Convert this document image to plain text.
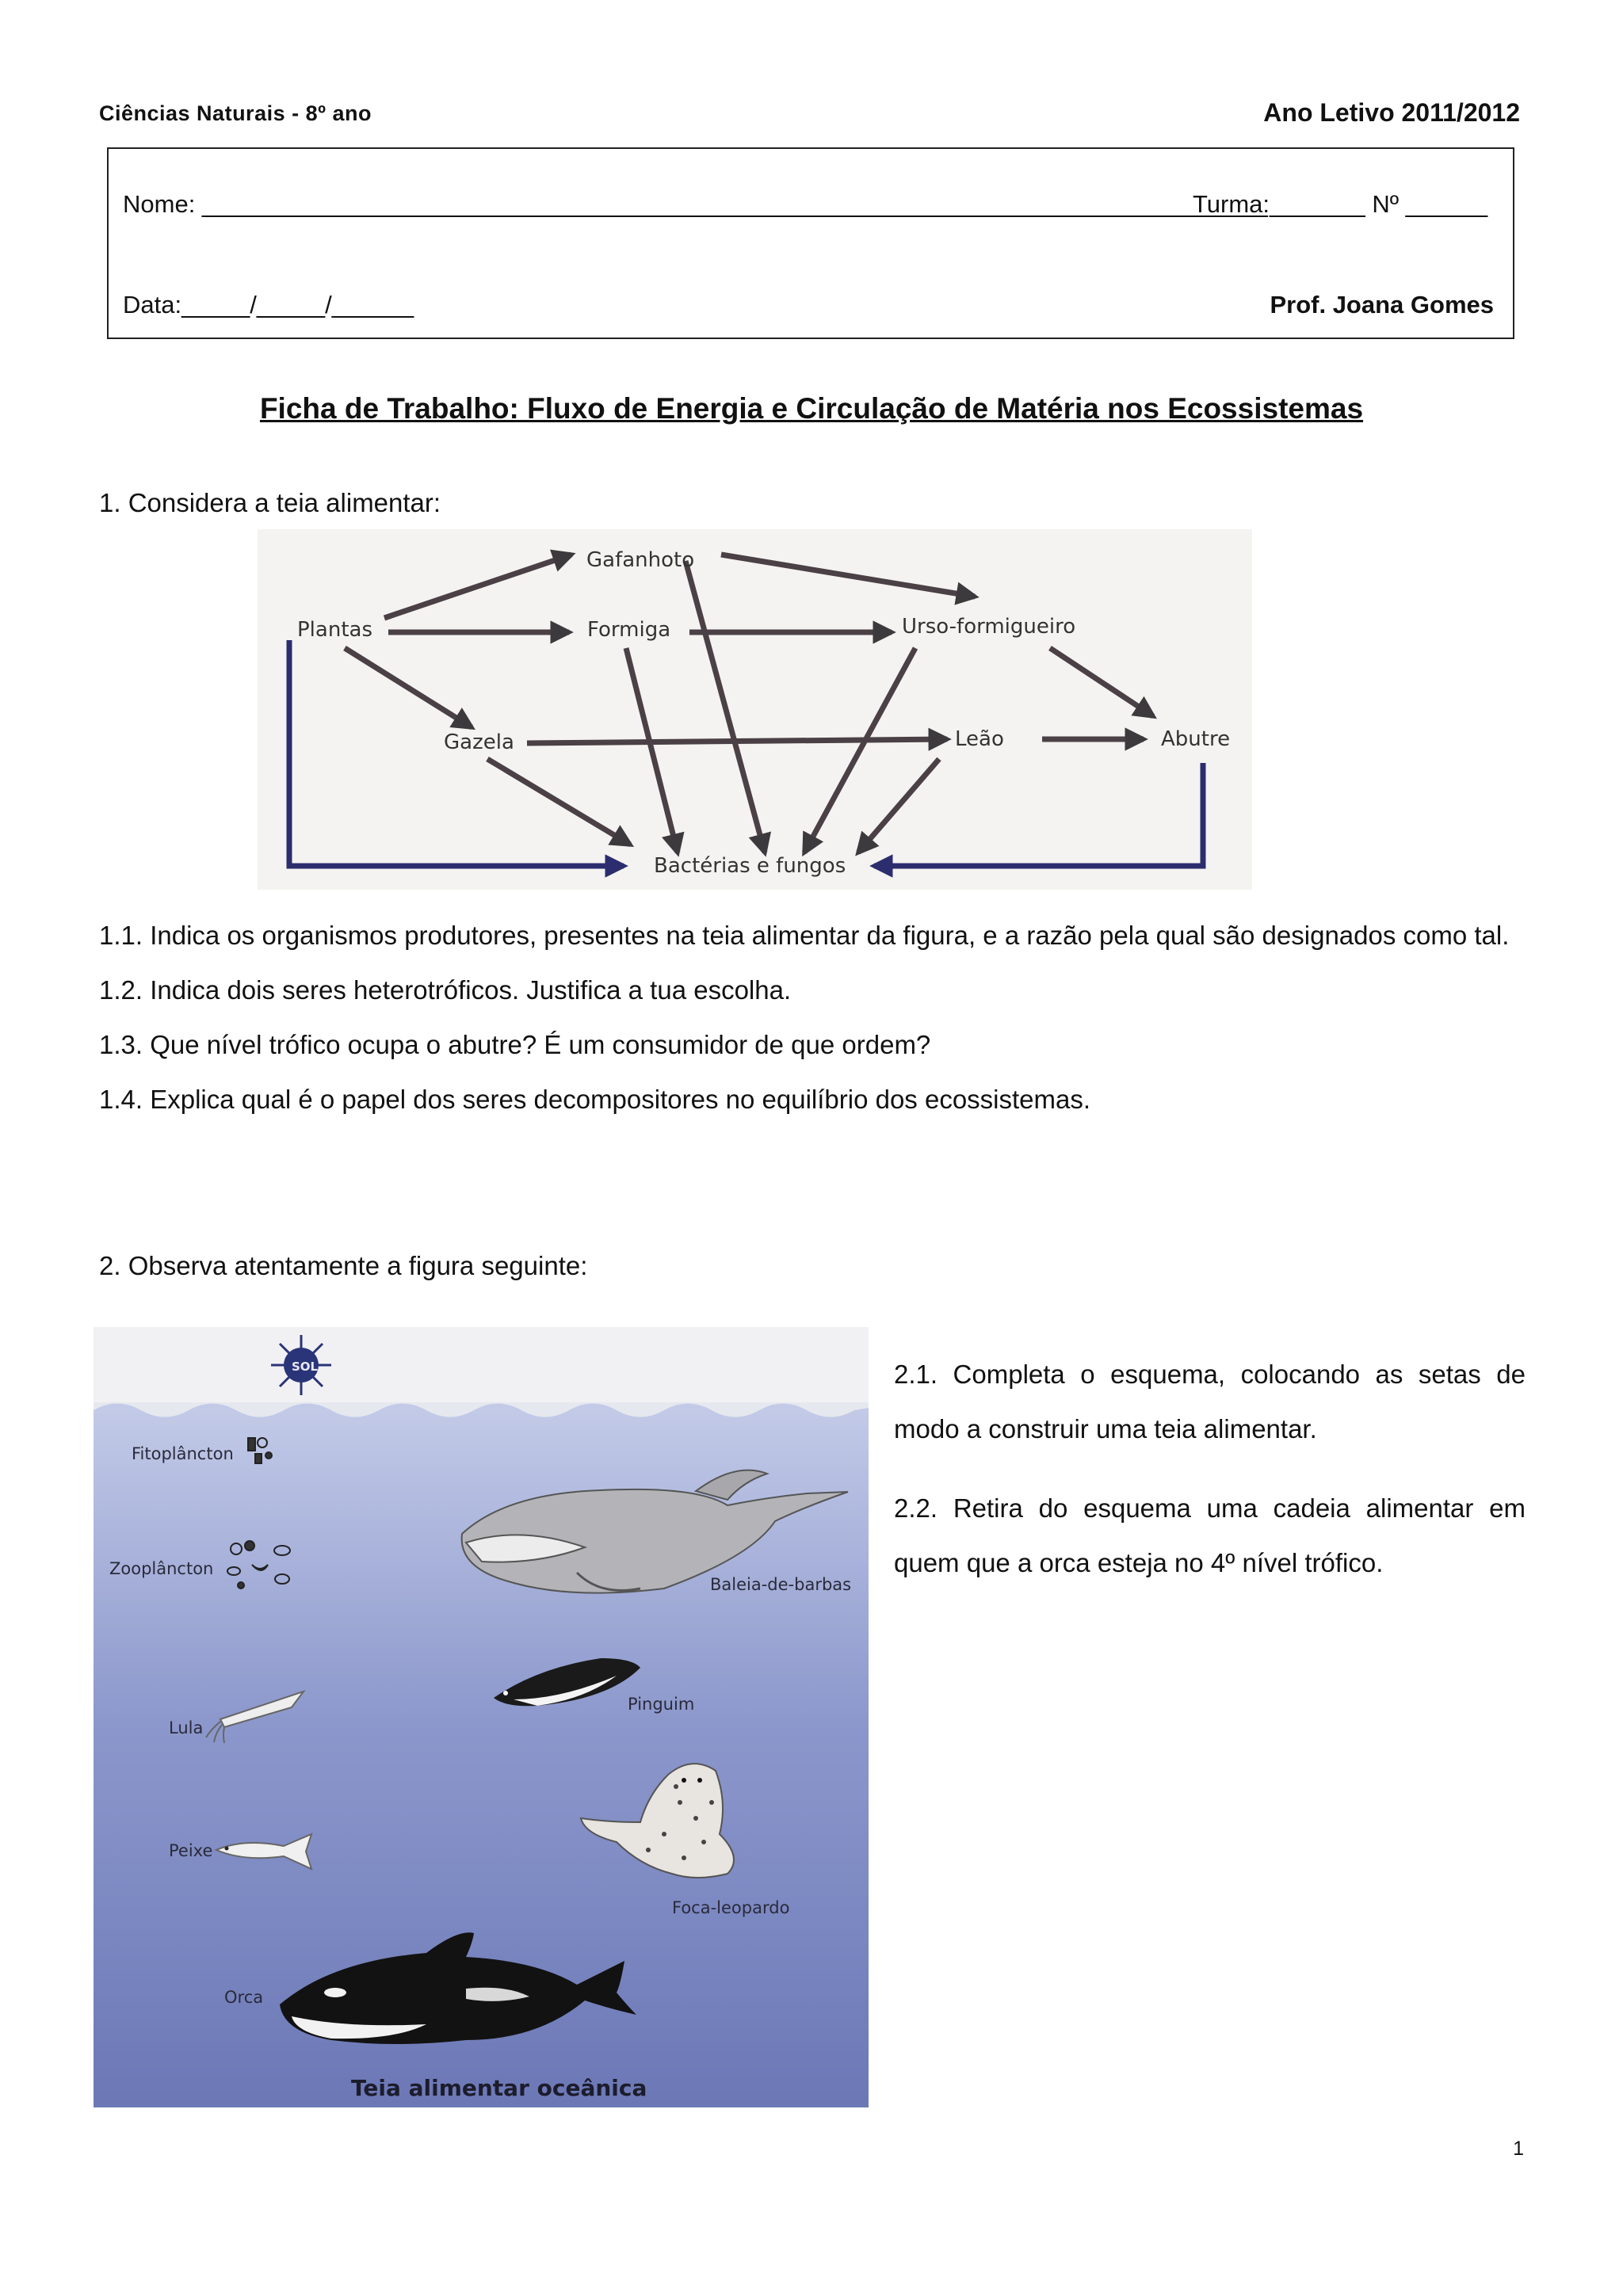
Ciências Naturais - 8º ano	Ano Letivo 2011/2012
Nome: ______________________________________________________________________________
Turma:_______ Nº ______
Data:_____/_____/______	Prof. Joana Gomes
Ficha de Trabalho: Fluxo de Energia e Circulação de Matéria nos Ecossistemas
1. Considera a teia alimentar:
Gafanhoto
Plantas	Formiga	Urso-formigueiro
Gazela	Leão	Abutre
Bactérias e fungos
1.1. Indica os organismos produtores, presentes na teia alimentar da figura, e a razão pela qual são designados como tal.
1.2. Indica dois seres heterotróficos. Justifica a tua escolha.
1.3. Que nível trófico ocupa o abutre? É um consumidor de que ordem?
1.4. Explica qual é o papel dos seres decompositores no equilíbrio dos ecossistemas.
2. Observa atentamente a figura seguinte:
SOL
Fitoplâncton
Zooplâncton
Baleia-de-barbas
Pinguim
Lula
Foca-leopardo
Peixe
Orca
Teia alimentar oceânica

2.1. Completa o esquema, colocando as setas de modo a construir uma teia alimentar.

2.2. Retira do esquema uma cadeia alimentar em quem que a orca esteja no 4º nível trófico.

1
